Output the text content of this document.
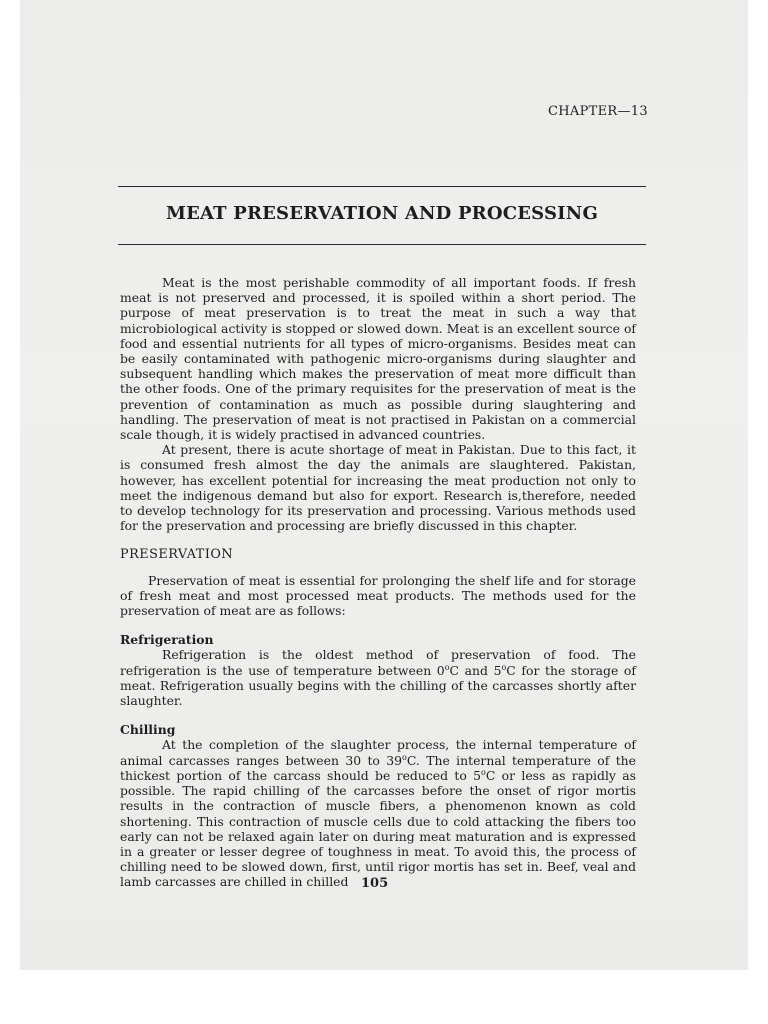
CHAPTER—13
MEAT PRESERVATION AND PROCESSING

Meat is the most perishable commodity of all important foods. If fresh meat is not preserved and processed, it is spoiled within a short period. The purpose of meat preservation is to treat the meat in such a way that microbiological activity is stopped or slowed down. Meat is an excellent source of food and essential nutrients for all types of micro-organisms. Besides meat can be easily contaminated with pathogenic micro-organisms during slaughter and subsequent handling which makes the preservation of meat more difficult than the other foods. One of the primary requisites for the preservation of meat is the prevention of contamination as much as possible during slaughtering and handling. The preservation of meat is not practised in Pakistan on a commercial scale though, it is widely practised in advanced countries.

At present, there is acute shortage of meat in Pakistan. Due to this fact, it is consumed fresh almost the day the animals are slaughtered. Pakistan, however, has excellent potential for increasing the meat production not only to meet the indigenous demand but also for export. Research is,therefore, needed to develop technology for its preservation and processing. Various methods used for the preservation and processing are briefly discussed in this chapter.

PRESERVATION

Preservation of meat is essential for prolonging the shelf life and for storage of fresh meat and most processed meat products. The methods used for the preservation of meat are as follows:

Refrigeration

Refrigeration is the oldest method of preservation of food. The refrigeration is the use of temperature between 0$^o$C and 5$^o$C for the storage of meat. Refrigeration usually begins with the chilling of the carcasses shortly after slaughter.

Chilling

At the completion of the slaughter process, the internal temperature of animal carcasses ranges between 30 to 39$^o$C. The internal temperature of the thickest portion of the carcass should be reduced to 5$^o$C or less as rapidly as possible. The rapid chilling of the carcasses before the onset of rigor mortis results in the contraction of muscle fibers, a phenomenon known as cold shortening. This contraction of muscle cells due to cold attacking the fibers too early can not be relaxed again later on during meat maturation and is expressed in a greater or lesser degree of toughness in meat. To avoid this, the process of chilling need to be slowed down, first, until rigor mortis has set in. Beef, veal and lamb carcasses are chilled in chilled 105
